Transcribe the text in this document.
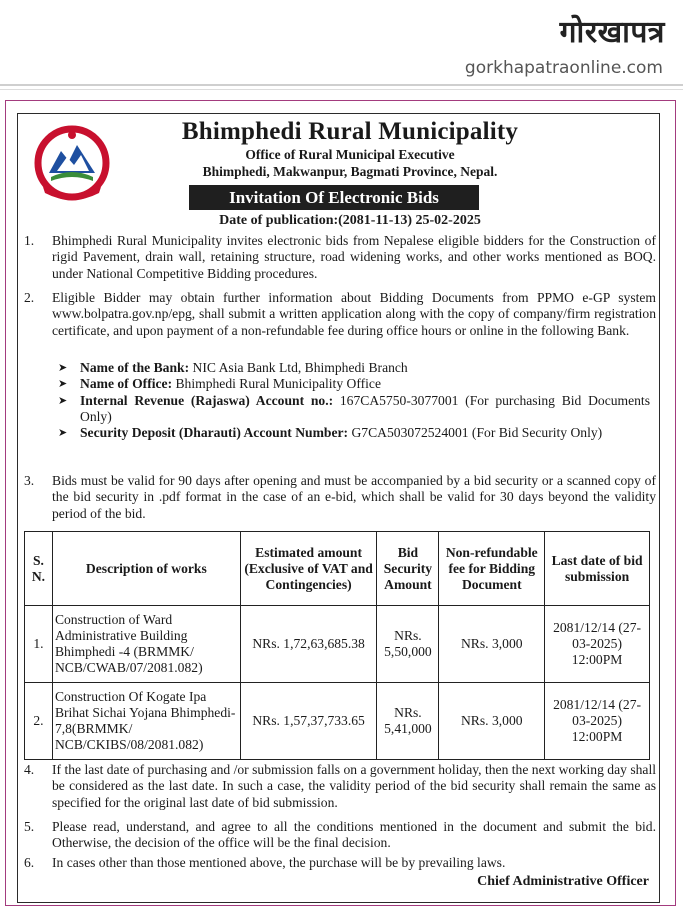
गोरखापत्र
gorkhapatraonline.com
Bhimphedi Rural Municipality
Office of Rural Municipal Executive
Bhimphedi, Makwanpur, Bagmati Province, Nepal.
Invitation Of Electronic Bids
Date of publication:(2081-11-13) 25-02-2025
1.	Bhimphedi Rural Municipality invites electronic bids from Nepalese eligible bidders for the Construction of rigid Pavement, drain wall, retaining structure, road widening works, and other works mentioned as BOQ. under National Competitive Bidding procedures.
2.	Eligible Bidder may obtain further information about Bidding Documents from PPMO e-GP system www.bolpatra.gov.np/epg, shall submit a written application along with the copy of company/firm registration certificate, and upon payment of a non-refundable fee during office hours or online in the following Bank.
➤ Name of the Bank: NIC Asia Bank Ltd, Bhimphedi Branch
➤ Name of Office: Bhimphedi Rural Municipality Office
➤ Internal Revenue (Rajaswa) Account no.: 167CA5750-3077001 (For purchasing Bid Documents Only)
➤ Security Deposit (Dharauti) Account Number: G7CA503072524001 (For Bid Security Only)
3.	Bids must be valid for 90 days after opening and must be accompanied by a bid security or a scanned copy of the bid security in .pdf format in the case of an e-bid, which shall be valid for 30 days beyond the validity period of the bid.
S. N.	Description of works	Estimated amount (Exclusive of VAT and Contingencies)	Bid Security Amount	Non-refundable fee for Bidding Document	Last date of bid submission
1.	Construction of Ward Administrative Building Bhimphedi -4 (BRMMK/ NCB/CWAB/07/2081.082)	NRs. 1,72,63,685.38	NRs. 5,50,000	NRs. 3,000	2081/12/14 (27-03-2025) 12:00PM
2.	Construction Of Kogate Ipa Brihat Sichai Yojana Bhimphedi-7,8(BRMMK/ NCB/CKIBS/08/2081.082)	NRs. 1,57,37,733.65	NRs. 5,41,000	NRs. 3,000	2081/12/14 (27-03-2025) 12:00PM
4.	If the last date of purchasing and /or submission falls on a government holiday, then the next working day shall be considered as the last date. In such a case, the validity period of the bid security shall remain the same as specified for the original last date of bid submission.
5.	Please read, understand, and agree to all the conditions mentioned in the document and submit the bid. Otherwise, the decision of the office will be the final decision.
6.	In cases other than those mentioned above, the purchase will be by prevailing laws.
Chief Administrative Officer
